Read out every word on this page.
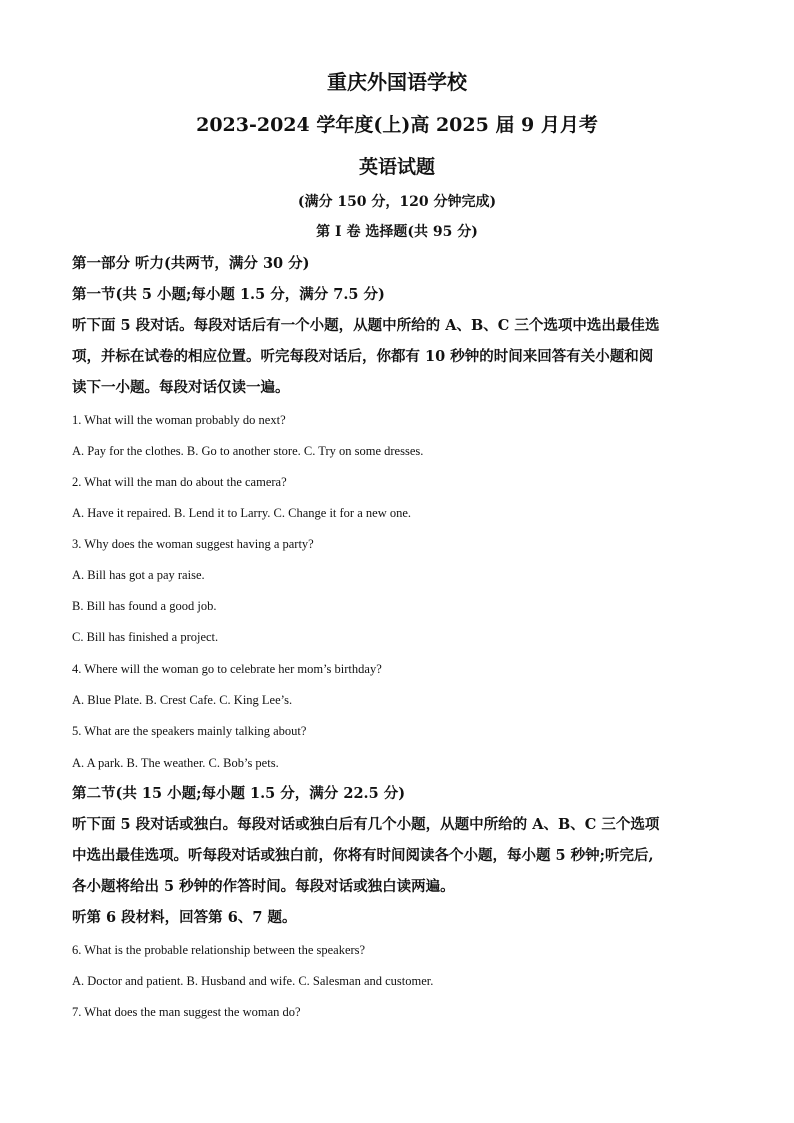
重庆外国语学校
2023-2024 学年度(上)高 2025 届 9 月月考
英语试题
(满分 150 分，120 分钟完成)
第 I 卷 选择题(共 95 分)
第一部分 听力(共两节，满分 30 分)
第一节(共 5 小题;每小题 1.5 分，满分 7.5 分)
听下面 5 段对话。每段对话后有一个小题，从题中所给的 A、B、C 三个选项中选出最佳选
项，并标在试卷的相应位置。听完每段对话后，你都有 10 秒钟的时间来回答有关小题和阅
读下一小题。每段对话仅读一遍。
1. What will the woman probably do next?
A. Pay for the clothes. B. Go to another store. C. Try on some dresses.
2. What will the man do about the camera?
A. Have it repaired. B. Lend it to Larry. C. Change it for a new one.
3. Why does the woman suggest having a party?
A. Bill has got a pay raise.
B. Bill has found a good job.
C. Bill has finished a project.
4. Where will the woman go to celebrate her mom’s birthday?
A. Blue Plate. B. Crest Cafe. C. King Lee’s.
5. What are the speakers mainly talking about?
A. A park. B. The weather. C. Bob’s pets.
第二节(共 15 小题;每小题 1.5 分，满分 22.5 分)
听下面 5 段对话或独白。每段对话或独白后有几个小题，从题中所给的 A、B、C 三个选项
中选出最佳选项。听每段对话或独白前，你将有时间阅读各个小题，每小题 5 秒钟;听完后,
各小题将给出 5 秒钟的作答时间。每段对话或独白读两遍。
听第 6 段材料，回答第 6、7 题。
6. What is the probable relationship between the speakers?
A. Doctor and patient. B. Husband and wife. C. Salesman and customer.
7. What does the man suggest the woman do?
